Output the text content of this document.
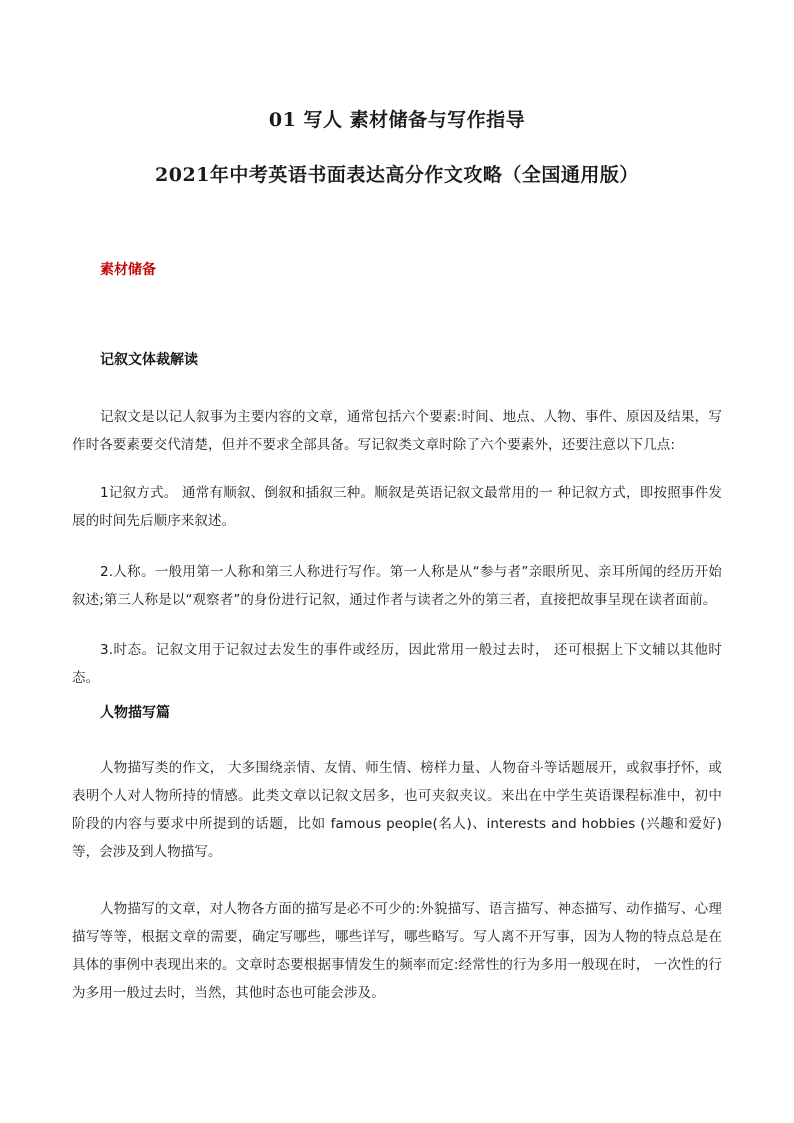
01 写人 素材储备与写作指导
2021年中考英语书面表达高分作文攻略（全国通用版）
素材储备
记叙文体裁解读

记叙文是以记人叙事为主要内容的文章，通常包括六个要素:时间、地点、人物、事件、原因及结果，写作时各要素要交代清楚，但并不要求全部具备。写记叙类文章时除了六个要素外，还要注意以下几点:

1记叙方式。 通常有顺叙、倒叙和插叙三种。顺叙是英语记叙文最常用的一 种记叙方式，即按照事件发展的时间先后顺序来叙述。

2.人称。一般用第一人称和第三人称进行写作。第一人称是从“参与者”亲眼所见、亲耳所闻的经历开始叙述;第三人称是以“观察者”的身份进行记叙，通过作者与读者之外的第三者，直接把故事呈现在读者面前。

3.时态。记叙文用于记叙过去发生的事件或经历，因此常用一般过去时， 还可根据上下文辅以其他时态。

人物描写篇

人物描写类的作文， 大多围绕亲情、友情、师生情、榜样力量、人物奋斗等话题展开，或叙事抒怀，或表明个人对人物所持的情感。此类文章以记叙文居多，也可夹叙夹议。来出在中学生英语课程标准中，初中阶段的内容与要求中所提到的话题，比如 famous people(名人)、interests and hobbies (兴趣和爱好)等，会涉及到人物描写。

人物描写的文章，对人物各方面的描写是必不可少的:外貌描写、语言描写、神态描写、动作描写、心理描写等等，根据文章的需要，确定写哪些，哪些详写，哪些略写。写人离不开写事，因为人物的特点总是在具体的事例中表现出来的。文章时态要根据事情发生的频率而定:经常性的行为多用一般现在时， 一次性的行为多用一般过去时，当然，其他时态也可能会涉及。
